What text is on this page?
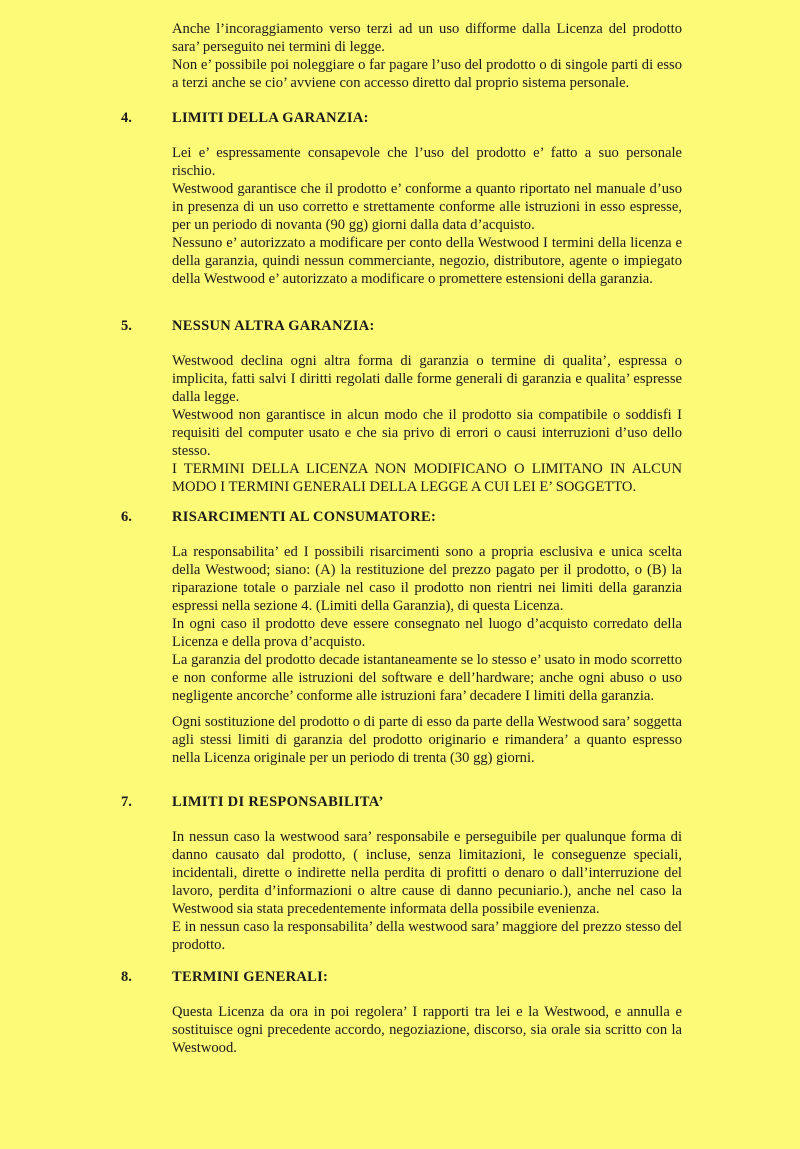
Anche l’incoraggiamento verso terzi ad un uso difforme dalla Licenza del prodotto sara’ perseguito nei termini di legge.

Non e’ possibile poi noleggiare o far pagare l’uso del prodotto o di singole parti di esso a terzi anche se cio’ avviene con accesso diretto dal proprio sistema personale.

4.	LIMITI DELLA GARANZIA:

Lei e’ espressamente consapevole che l’uso del prodotto e’ fatto a suo personale rischio.

Westwood garantisce che il prodotto e’ conforme a quanto riportato nel manuale d’uso in presenza di un uso corretto e strettamente conforme alle istruzioni in esso espresse, per un periodo di novanta (90 gg) giorni dalla data d’acquisto.

Nessuno e’ autorizzato a modificare per conto della Westwood I termini della licenza e della garanzia, quindi nessun commerciante, negozio, distributore, agente o impiegato della Westwood e’ autorizzato a modificare o promettere estensioni della garanzia.

5.	NESSUN ALTRA GARANZIA:

Westwood declina ogni altra forma di garanzia o termine di qualita’, espressa o implicita, fatti salvi I diritti regolati dalle forme generali di garanzia e qualita’ espresse dalla legge.

Westwood non garantisce in alcun modo che il prodotto sia compatibile o soddisfi I requisiti del computer usato e che sia privo di errori o causi interruzioni d’uso dello stesso.

I TERMINI DELLA LICENZA NON MODIFICANO O LIMITANO IN ALCUN MODO I TERMINI GENERALI DELLA LEGGE A CUI LEI E’ SOGGETTO.

6.	RISARCIMENTI AL CONSUMATORE:

La responsabilita’ ed I possibili risarcimenti sono a propria esclusiva e unica scelta della Westwood; siano: (A) la restituzione del prezzo pagato per il prodotto, o (B) la riparazione totale o parziale nel caso il prodotto non rientri nei limiti della garanzia espressi nella sezione 4. (Limiti della Garanzia), di questa Licenza.

In ogni caso il prodotto deve essere consegnato nel luogo d’acquisto corredato della Licenza e della prova d’acquisto.

La garanzia del prodotto decade istantaneamente se lo stesso e’ usato in modo scorretto e non conforme alle istruzioni del software e dell’hardware; anche ogni abuso o uso negligente ancorche’ conforme alle istruzioni fara’ decadere I limiti della garanzia.

Ogni sostituzione del prodotto o di parte di esso da parte della Westwood sara’ soggetta agli stessi limiti di garanzia del prodotto originario e rimandera’ a quanto espresso nella Licenza originale per un periodo di trenta (30 gg) giorni.

7.	LIMITI DI RESPONSABILITA’

In nessun caso la westwood sara’ responsabile e perseguibile per qualunque forma di danno causato dal prodotto, ( incluse, senza limitazioni, le conseguenze speciali, incidentali, dirette o indirette nella perdita di profitti o denaro o dall’interruzione del lavoro, perdita d’informazioni o altre cause di danno pecuniario.), anche nel caso la Westwood sia stata precedentemente informata della possibile evenienza.

E in nessun caso la responsabilita’ della westwood sara’ maggiore del prezzo stesso del prodotto.

8.	TERMINI GENERALI:

Questa Licenza da ora in poi regolera’ I rapporti tra lei e la Westwood, e annulla e sostituisce ogni precedente accordo, negoziazione, discorso, sia orale sia scritto con la Westwood.
